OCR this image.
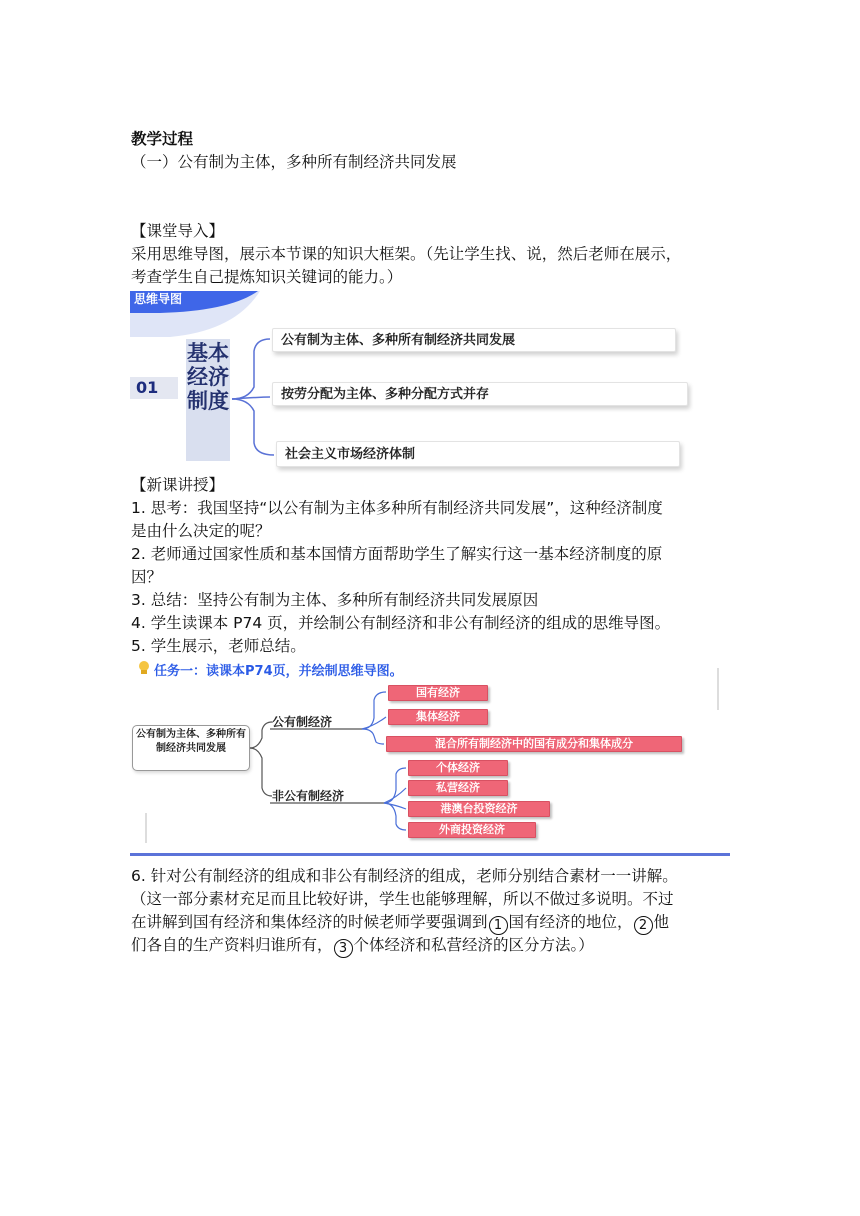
教学过程
（一）公有制为主体，多种所有制经济共同发展
【课堂导入】
采用思维导图，展示本节课的知识大框架。（先让学生找、说，然后老师在展示，
考查学生自己提炼知识关键词的能力。）
思维导图
01
基本经济制度
公有制为主体、多种所有制经济共同发展
按劳分配为主体、多种分配方式并存
社会主义市场经济体制
【新课讲授】
1. 思考：我国坚持“以公有制为主体多种所有制经济共同发展”，这种经济制度
是由什么决定的呢？
2. 老师通过国家性质和基本国情方面帮助学生了解实行这一基本经济制度的原
因？
3. 总结：坚持公有制为主体、多种所有制经济共同发展原因
4. 学生读课本 P74 页，并绘制公有制经济和非公有制经济的组成的思维导图。
5. 学生展示，老师总结。
任务一：读课本P74页，并绘制思维导图。
公有制为主体、多种所有制经济共同发展
公有制经济
非公有制经济
国有经济
集体经济
混合所有制经济中的国有成分和集体成分
个体经济
私营经济
港澳台投资经济
外商投资经济
6. 针对公有制经济的组成和非公有制经济的组成，老师分别结合素材一一讲解。
（这一部分素材充足而且比较好讲，学生也能够理解，所以不做过多说明。不过
在讲解到国有经济和集体经济的时候老师学要强调到 1 国有经济的地位， 2 他
们各自的生产资料归谁所有， 3 个体经济和私营经济的区分方法。）
